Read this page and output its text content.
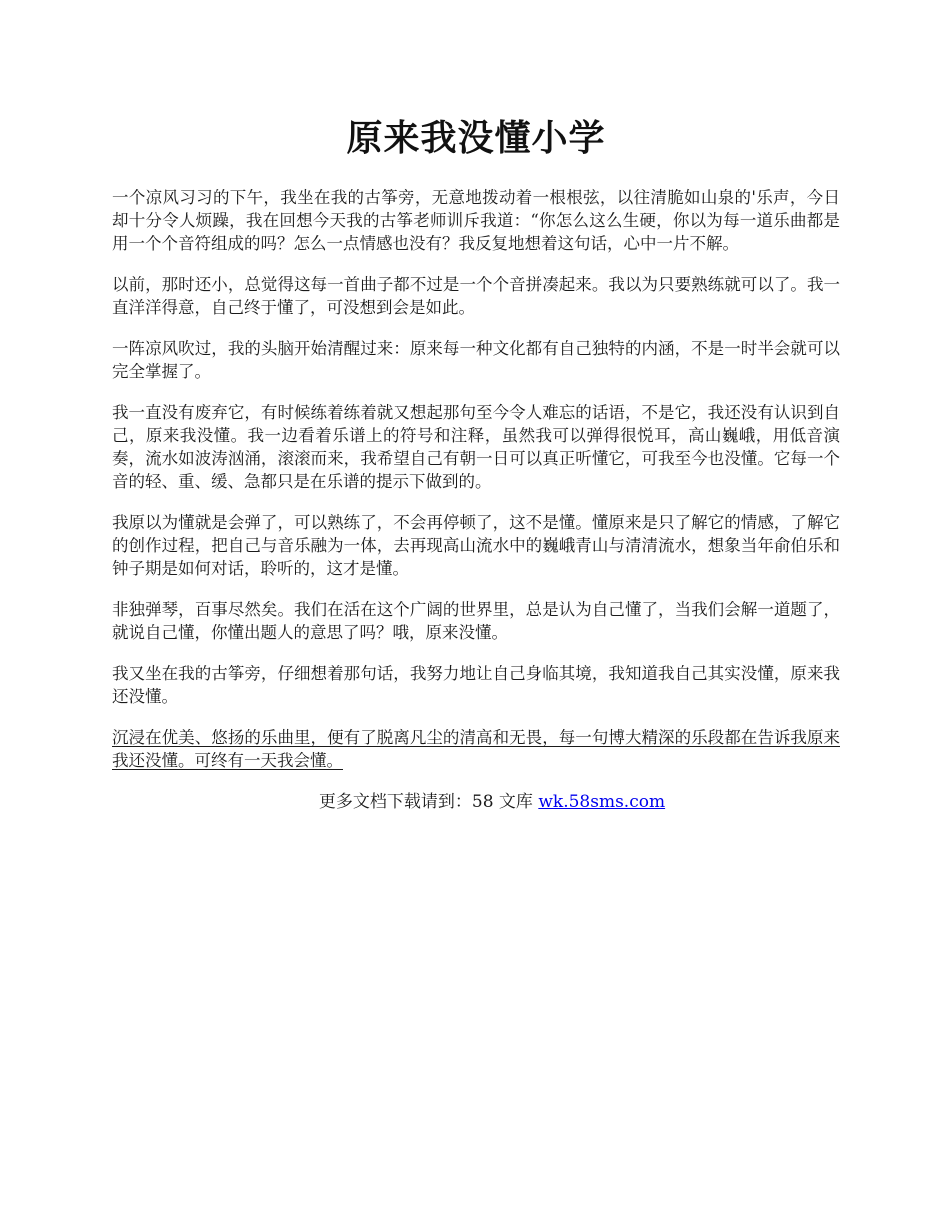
原来我没懂小学

一个凉风习习的下午，我坐在我的古筝旁，无意地拨动着一根根弦，以往清脆如山泉的'乐声，今日却十分令人烦躁，我在回想今天我的古筝老师训斥我道：“你怎么这么生硬，你以为每一道乐曲都是用一个个音符组成的吗？怎么一点情感也没有？我反复地想着这句话，心中一片不解。

以前，那时还小，总觉得这每一首曲子都不过是一个个音拼凑起来。我以为只要熟练就可以了。我一直洋洋得意，自己终于懂了，可没想到会是如此。

一阵凉风吹过，我的头脑开始清醒过来：原来每一种文化都有自己独特的内涵，不是一时半会就可以完全掌握了。

我一直没有废弃它，有时候练着练着就又想起那句至今令人难忘的话语，不是它，我还没有认识到自己，原来我没懂。我一边看着乐谱上的符号和注释，虽然我可以弹得很悦耳，高山巍峨，用低音演奏，流水如波涛汹涌，滚滚而来，我希望自己有朝一日可以真正听懂它，可我至今也没懂。它每一个音的轻、重、缓、急都只是在乐谱的提示下做到的。

我原以为懂就是会弹了，可以熟练了，不会再停顿了，这不是懂。懂原来是只了解它的情感，了解它的创作过程，把自己与音乐融为一体，去再现高山流水中的巍峨青山与清清流水，想象当年俞伯乐和钟子期是如何对话，聆听的，这才是懂。

非独弹琴，百事尽然矣。我们在活在这个广阔的世界里，总是认为自己懂了，当我们会解一道题了，就说自己懂，你懂出题人的意思了吗？哦，原来没懂。

我又坐在我的古筝旁，仔细想着那句话，我努力地让自己身临其境，我知道我自己其实没懂，原来我还没懂。

沉浸在优美、悠扬的乐曲里，便有了脱离凡尘的清高和无畏，每一句博大精深的乐段都在告诉我原来我还没懂。可终有一天我会懂。

更多文档下载请到：58 文库 wk.58sms.com
